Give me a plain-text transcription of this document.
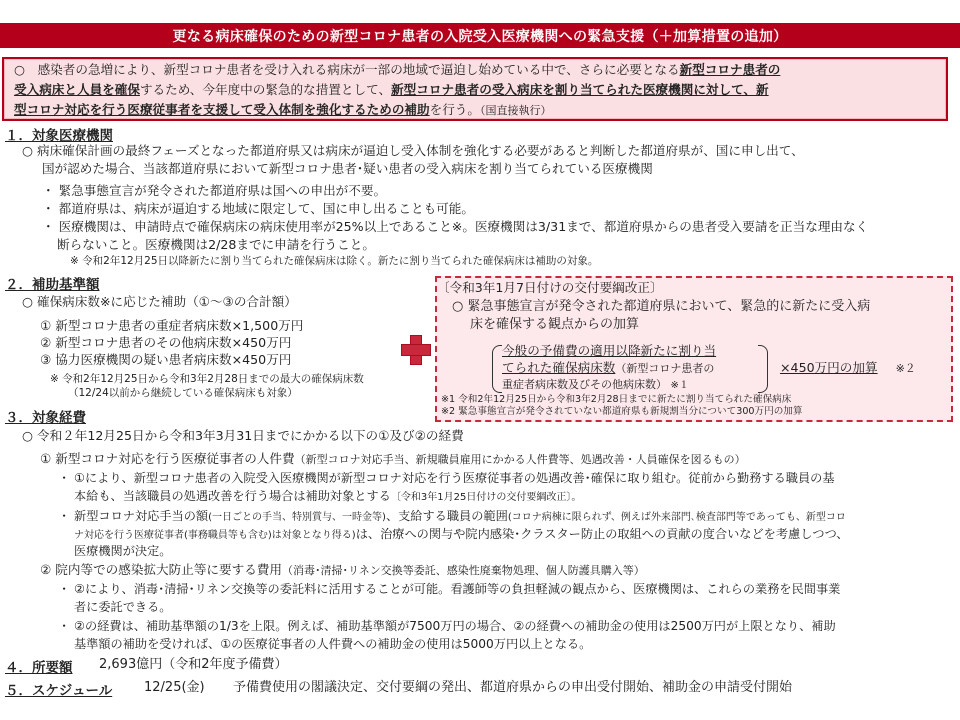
更なる病床確保のための新型コロナ患者の入院受入医療機関への緊急支援（＋加算措置の追加）
○　感染者の急増により、新型コロナ患者を受け入れる病床が一部の地域で逼迫し始めている中で、さらに必要となる新型コロナ患者の
受入病床と人員を確保するため、今年度中の緊急的な措置として、新型コロナ患者の受入病床を割り当てられた医療機関に対して、新
型コロナ対応を行う医療従事者を支援して受入体制を強化するための補助を行う。（国直接執行）
１．対象医療機関
○ 病床確保計画の最終フェーズとなった都道府県又は病床が逼迫し受入体制を強化する必要があると判断した都道府県が、国に申し出て、
国が認めた場合、当該都道府県において新型コロナ患者･疑い患者の受入病床を割り当てられている医療機関
・ 緊急事態宣言が発令された都道府県は国への申出が不要。
・ 都道府県は、病床が逼迫する地域に限定して、国に申し出ることも可能。
・ 医療機関は、申請時点で確保病床の病床使用率が25%以上であること※。医療機関は3/31まで、都道府県からの患者受入要請を正当な理由なく
断らないこと。医療機関は2/28までに申請を行うこと。
※ 令和2年12月25日以降新たに割り当てられた確保病床は除く。新たに割り当てられた確保病床は補助の対象。
２．補助基準額
○ 確保病床数※に応じた補助（①～③の合計額）
① 新型コロナ患者の重症者病床数×1,500万円
② 新型コロナ患者のその他病床数×450万円
③ 協力医療機関の疑い患者病床数×450万円
※ 令和2年12月25日から令和3年2月28日までの最大の確保病床数
（12/24以前から継続している確保病床も対象）
〔令和3年1月7日付けの交付要綱改正〕
○ 緊急事態宣言が発令された都道府県において、緊急的に新たに受入病
床を確保する観点からの加算
今般の予備費の適用以降新たに割り当
てられた確保病床数（新型コロナ患者の
重症者病床数及びその他病床数） ※１
×450万円の加算 ※２
※1 令和2年12月25日から令和3年2月28日までに新たに割り当てられた確保病床
※2 緊急事態宣言が発令されていない都道府県も新規割当分について300万円の加算
３．対象経費
○ 令和２年12月25日から令和3年3月31日までにかかる以下の①及び②の経費
① 新型コロナ対応を行う医療従事者の人件費（新型コロナ対応手当、新規職員雇用にかかる人件費等、処遇改善・人員確保を図るもの）
・ ①により、新型コロナ患者の入院受入医療機関が新型コロナ対応を行う医療従事者の処遇改善･確保に取り組む。従前から勤務する職員の基
本給も、当該職員の処遇改善を行う場合は補助対象とする〔令和3年1月25日付けの交付要綱改正〕。
・ 新型コロナ対応手当の額(一日ごとの手当、特別賞与、一時金等)、支給する職員の範囲(コロナ病棟に限られず、例えば外来部門､検査部門等であっても、新型コロ
ナ対応を行う医療従事者(事務職員等も含む)は対象となり得る)は、治療への関与や院内感染･クラスター防止の取組への貢献の度合いなどを考慮しつつ、
医療機関が決定。
② 院内等での感染拡大防止等に要する費用（消毒･清掃･リネン交換等委託、感染性廃棄物処理、個人防護具購入等）
・ ②により、消毒･清掃･リネン交換等の委託料に活用することが可能。看護師等の負担軽減の観点から、医療機関は、これらの業務を民間事業
者に委託できる。
・ ②の経費は、補助基準額の1/3を上限。例えば、補助基準額が7500万円の場合、②の経費への補助金の使用は2500万円が上限となり、補助
基準額の補助を受ければ、①の医療従事者の人件費への補助金の使用は5000万円以上となる。
４．所要額 2,693億円（令和2年度予備費）
５．スケジュール 12/25(金) 予備費使用の閣議決定、交付要綱の発出、都道府県からの申出受付開始、補助金の申請受付開始
